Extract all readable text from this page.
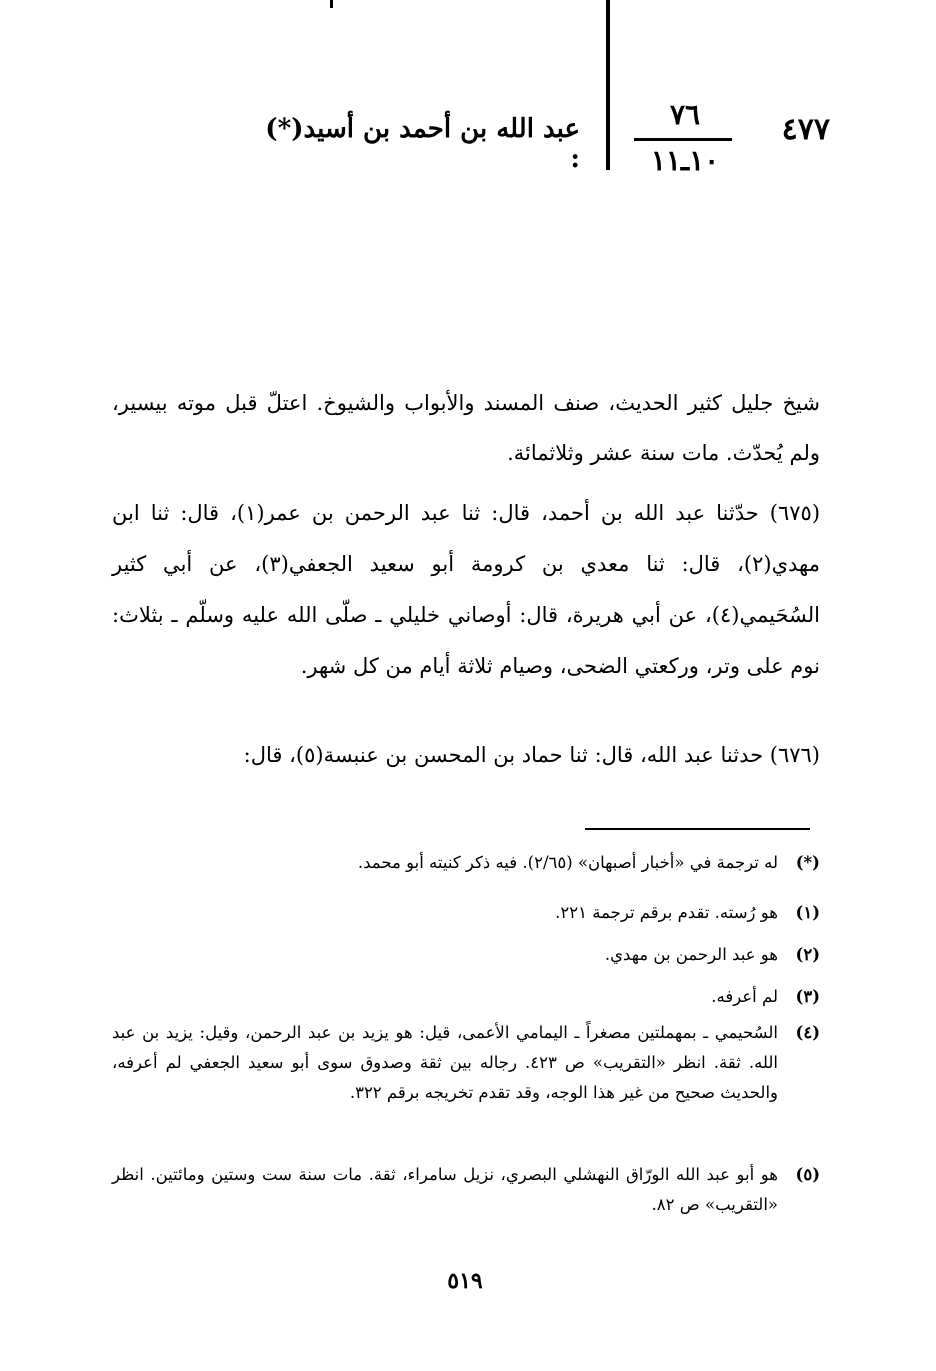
٤٧٧
٧٦
١٠ـ١١
عبد الله بن أحمد بن أسيد(*) :
شيخ جليل كثير الحديث، صنف المسند والأبواب والشيوخ. اعتلّ قبل موته بيسير، ولم يُحدّث. مات سنة عشر وثلاثمائة.
(٦٧٥) حدّثنا عبد الله بن أحمد، قال: ثنا عبد الرحمن بن عمر(١)، قال: ثنا ابن مهدي(٢)، قال: ثنا معدي بن كرومة أبو سعيد الجعفي(٣)، عن أبي كثير السُحَيمي(٤)، عن أبي هريرة، قال: أوصاني خليلي ـ صلّى الله عليه وسلّم ـ بثلاث: نوم على وتر، وركعتي الضحى، وصيام ثلاثة أيام من كل شهر.
(٦٧٦) حدثنا عبد الله، قال: ثنا حماد بن المحسن بن عنبسة(٥)، قال:
(*)
له ترجمة في «أخبار أصبهان» (٢/٦٥). فيه ذكر كنيته أبو محمد.
(١)
هو رُسته. تقدم برقم ترجمة ٢٢١.
(٢)
هو عبد الرحمن بن مهدي.
(٣)
لم أعرفه.
(٤)
السُحيمي ـ بمهملتين مصغراً ـ اليمامي الأعمى، قيل: هو يزيد بن عبد الرحمن، وقيل: يزيد بن عبد الله. ثقة. انظر «التقريب» ص ٤٢٣. رجاله بين ثقة وصدوق سوى أبو سعيد الجعفي لم أعرفه، والحديث صحيح من غير هذا الوجه، وقد تقدم تخريجه برقم ٣٢٢.
(٥)
هو أبو عبد الله الورّاق النهشلي البصري، نزيل سامراء، ثقة. مات سنة ست وستين ومائتين. انظر «التقريب» ص ٨٢.
٥١٩
